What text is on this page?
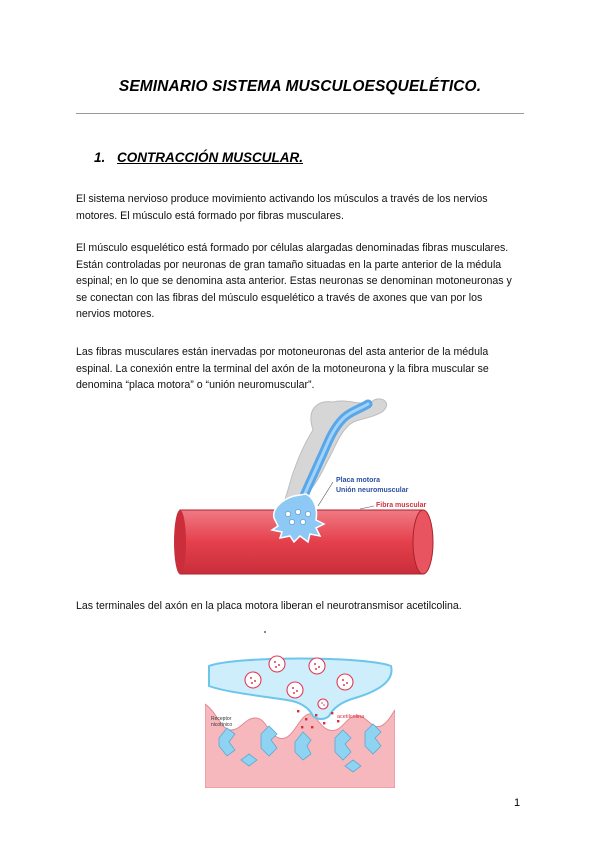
SEMINARIO SISTEMA MUSCULOESQUELÉTICO.
1. CONTRACCIÓN MUSCULAR.
El sistema nervioso produce movimiento activando los músculos a través de los nervios
motores. El músculo está formado por fibras musculares.
El músculo esquelético está formado por células alargadas denominadas fibras musculares.
Están controladas por neuronas de gran tamaño situadas en la parte anterior de la médula
espinal; en lo que se denomina asta anterior. Estas neuronas se denominan motoneuronas y
se conectan con las fibras del músculo esquelético a través de axones que van por los
nervios motores.
Las fibras musculares están inervadas por motoneuronas del asta anterior de la médula
espinal. La conexión entre la terminal del axón de la motoneurona y la fibra muscular se
denomina “placa motora” o “unión neuromuscular”.
Placa motora
Unión neuromuscular
Fibra muscular
Las terminales del axón en la placa motora liberan el neurotransmisor acetilcolina.
Receptor
nicotínico
acetilcolina
1
